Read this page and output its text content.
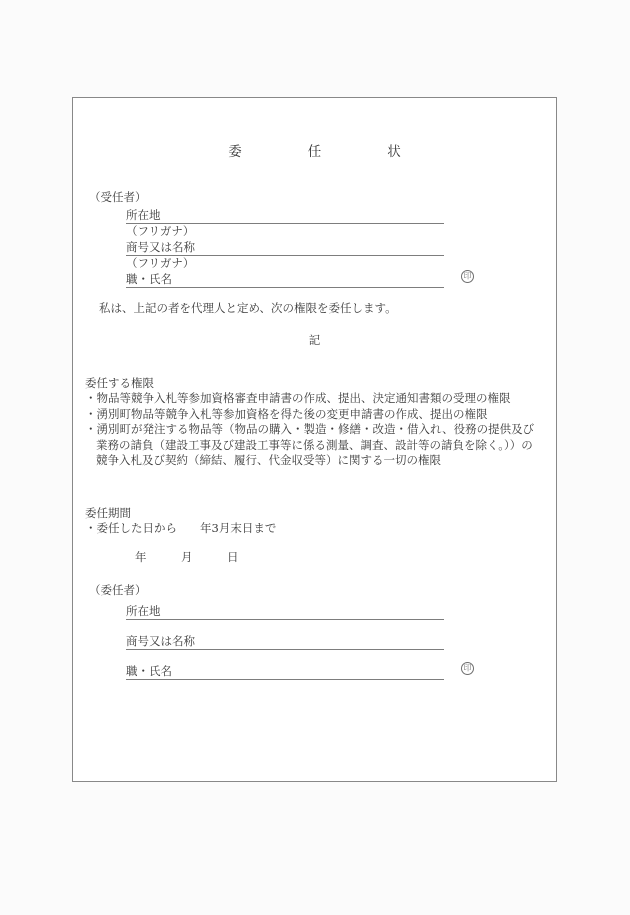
委　　任　　状
（受任者）
所在地
（フリガナ）
商号又は名称
（フリガナ）
職・氏名	印
私は、上記の者を代理人と定め、次の権限を委任します。
記
委任する権限
・物品等競争入札等参加資格審査申請書の作成、提出、決定通知書類の受理の権限
・湧別町物品等競争入札等参加資格を得た後の変更申請書の作成、提出の権限
・湧別町が発注する物品等（物品の購入・製造・修繕・改造・借入れ、役務の提供及び業務の請負（建設工事及び建設工事等に係る測量、調査、設計等の請負を除く。））の競争入札及び契約（締結、履行、代金収受等）に関する一切の権限
委任期間
・委任した日から　　年3月末日まで
年　　　月　　　日
（委任者）
所在地
商号又は名称
職・氏名	印
